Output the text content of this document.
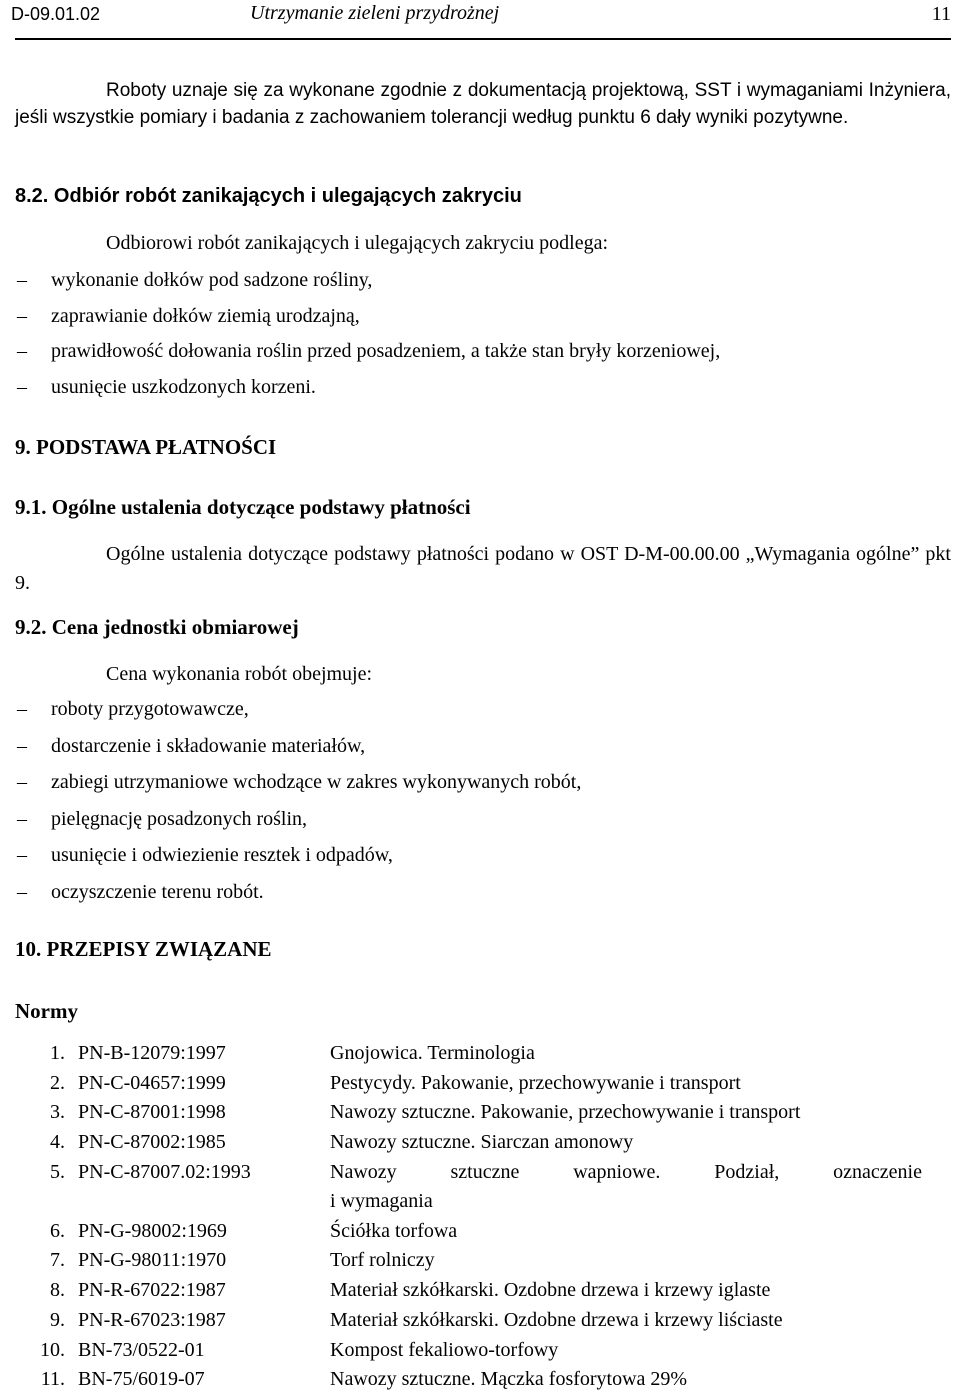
D-09.01.02	Utrzymanie zieleni przydrożnej	11
Roboty uznaje się za wykonane zgodnie z dokumentacją projektową, SST i wymaganiami Inżyniera, jeśli wszystkie pomiary i badania z zachowaniem tolerancji według punktu 6 dały wyniki pozytywne.
8.2. Odbiór robót zanikających i ulegających zakryciu
Odbiorowi robót zanikających i ulegających zakryciu podlega:
– wykonanie dołków pod sadzone rośliny,
– zaprawianie dołków ziemią urodzajną,
– prawidłowość dołowania roślin przed posadzeniem, a także stan bryły korzeniowej,
– usunięcie uszkodzonych korzeni.
9. PODSTAWA PŁATNOŚCI
9.1. Ogólne ustalenia dotyczące podstawy płatności
Ogólne ustalenia dotyczące podstawy płatności podano w OST D-M-00.00.00 „Wymagania ogólne” pkt 9.
9.2. Cena jednostki obmiarowej
Cena wykonania robót obejmuje:
– roboty przygotowawcze,
– dostarczenie i składowanie materiałów,
– zabiegi utrzymaniowe wchodzące w zakres wykonywanych robót,
– pielęgnację posadzonych roślin,
– usunięcie i odwiezienie resztek i odpadów,
– oczyszczenie terenu robót.
10. PRZEPISY ZWIĄZANE
Normy
1. PN-B-12079:1997	Gnojowica. Terminologia
2. PN-C-04657:1999	Pestycydy. Pakowanie, przechowywanie i transport
3. PN-C-87001:1998	Nawozy sztuczne. Pakowanie, przechowywanie i transport
4. PN-C-87002:1985	Nawozy sztuczne. Siarczan amonowy
5. PN-C-87007.02:1993	Nawozy sztuczne wapniowe. Podział, oznaczenie
i wymagania
6. PN-G-98002:1969	Ściółka torfowa
7. PN-G-98011:1970	Torf rolniczy
8. PN-R-67022:1987	Materiał szkółkarski. Ozdobne drzewa i krzewy iglaste
9. PN-R-67023:1987	Materiał szkółkarski. Ozdobne drzewa i krzewy liściaste
10. BN-73/0522-01	Kompost fekaliowo-torfowy
11. BN-75/6019-07	Nawozy sztuczne. Mączka fosforytowa 29%
